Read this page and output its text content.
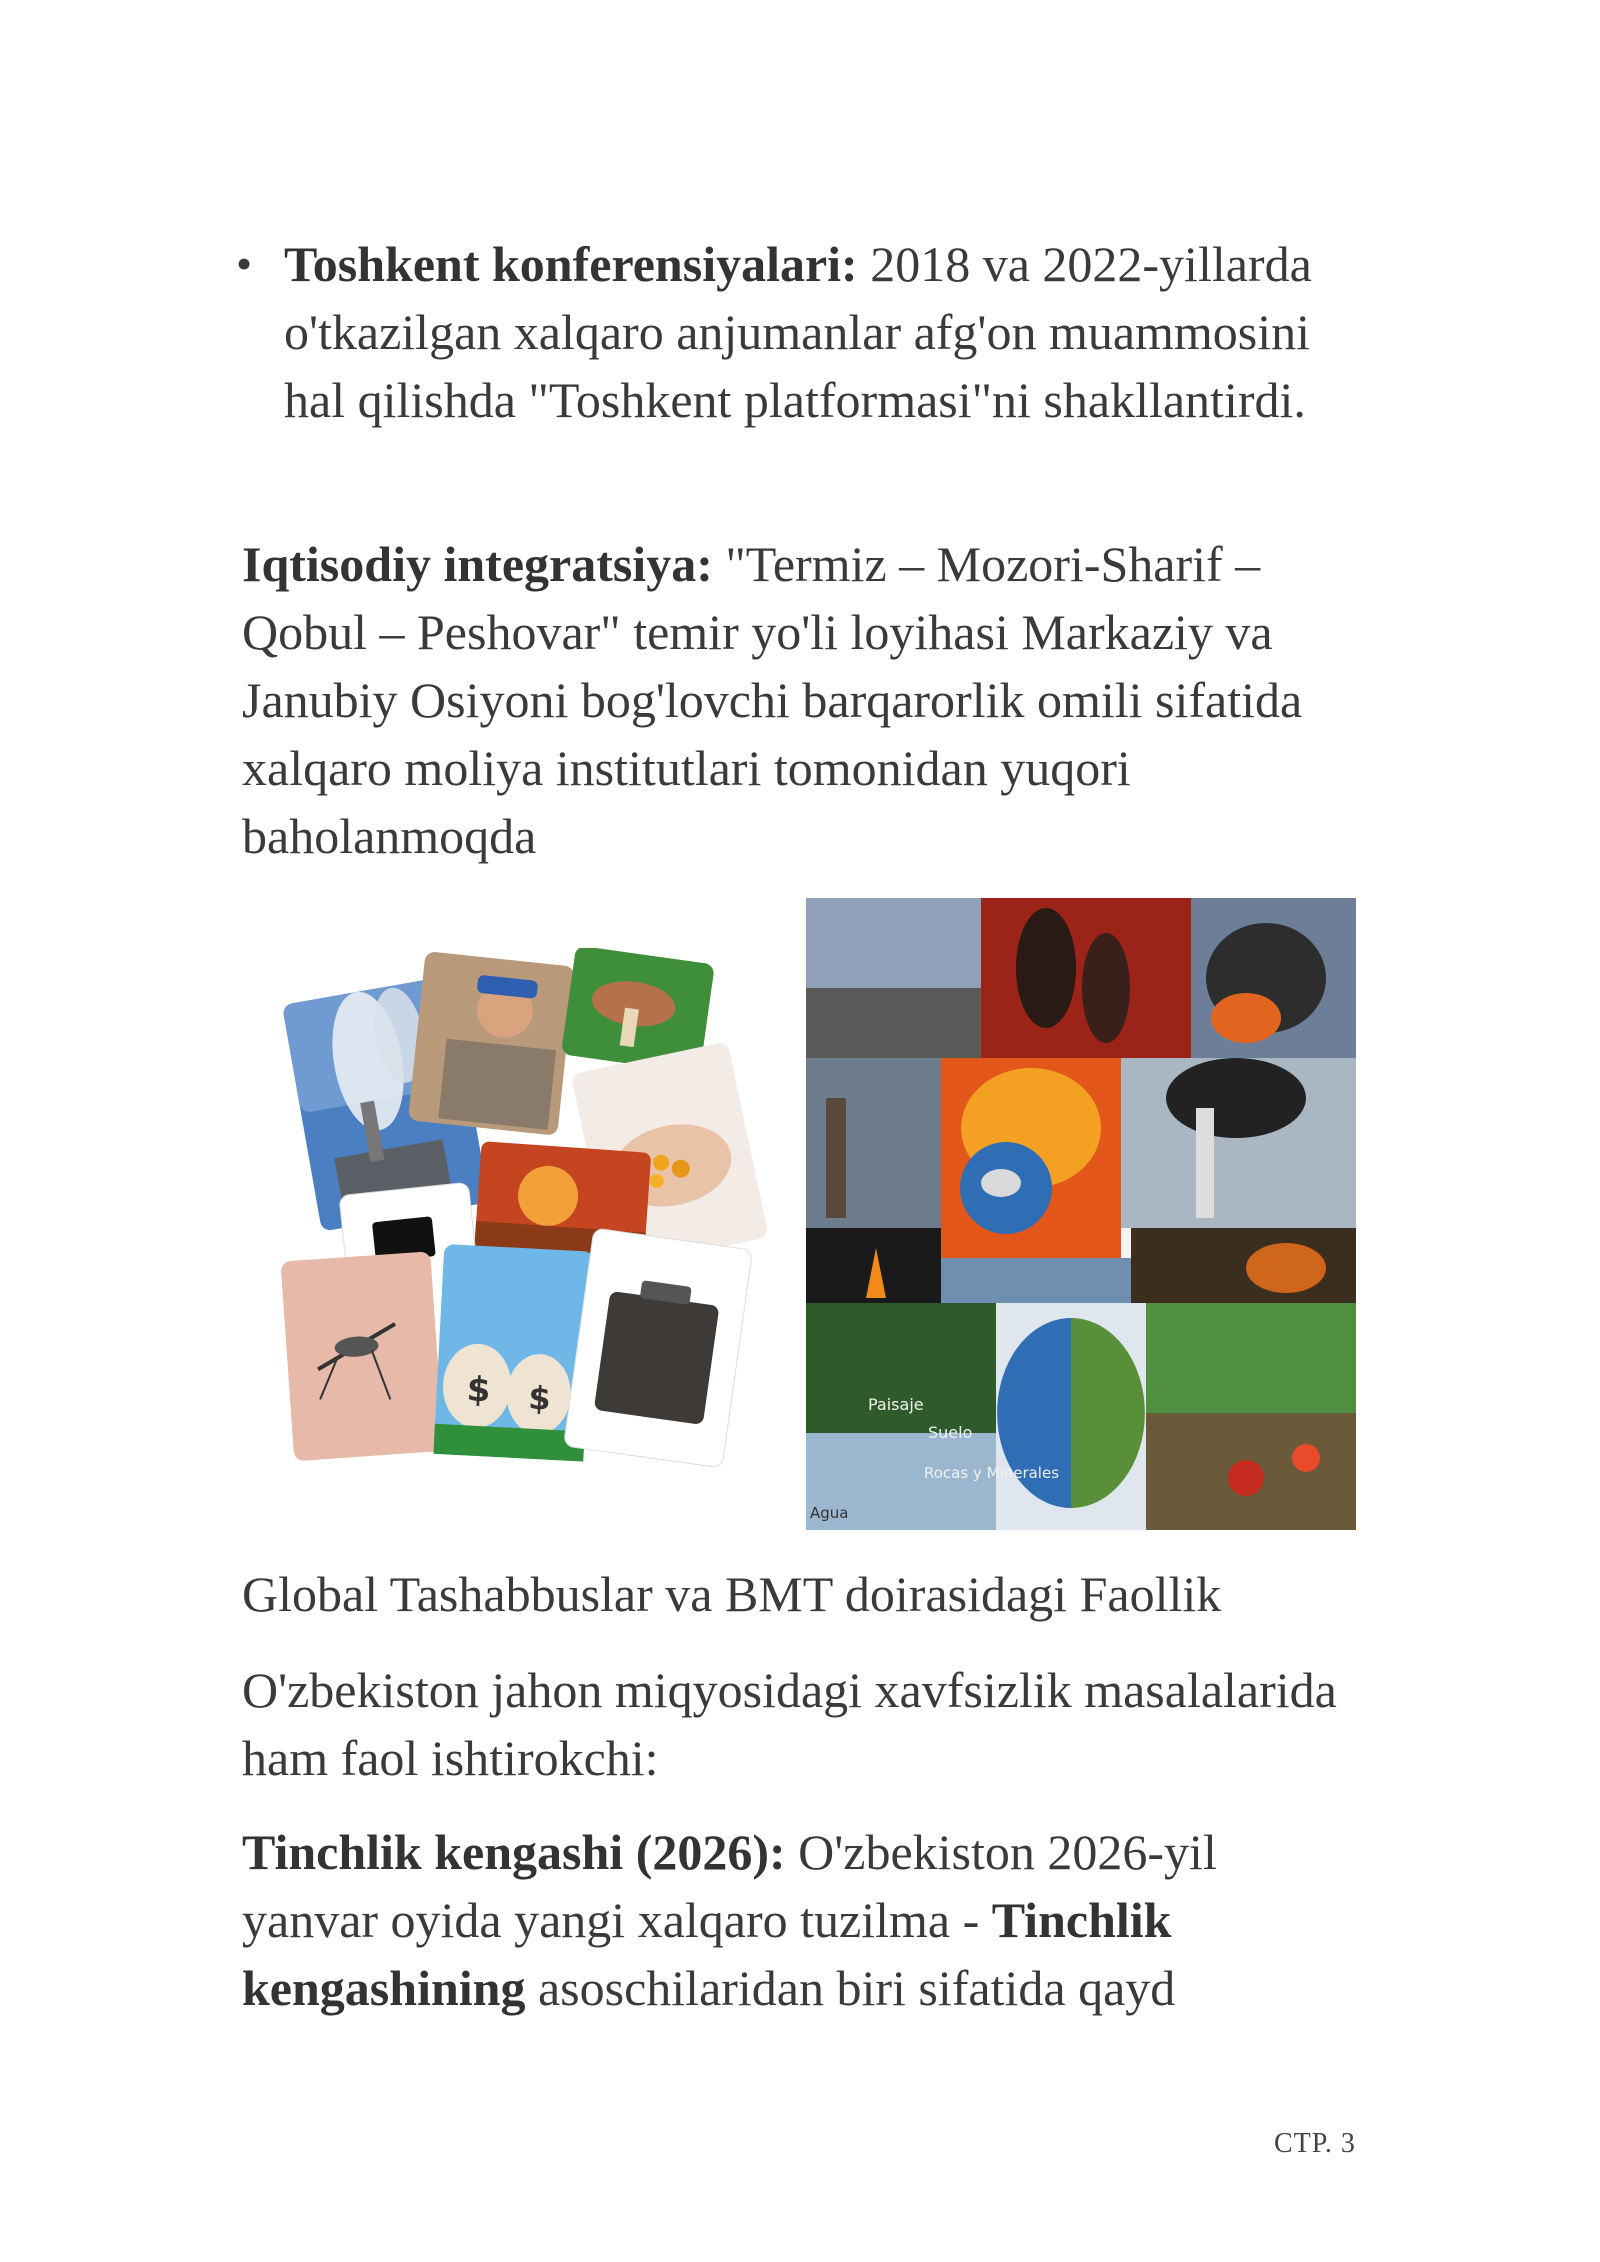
• Toshkent konferensiyalari: 2018 va 2022-yillarda o'tkazilgan xalqaro anjumanlar afg'on muammosini hal qilishda "Toshkent platformasi"ni shakllantirdi.

Iqtisodiy integratsiya: "Termiz – Mozori-Sharif – Qobul – Peshovar" temir yo'li loyihasi Markaziy va Janubiy Osiyoni bog'lovchi barqarorlik omili sifatida xalqaro moliya institutlari tomonidan yuqori baholanmoqda

$ $	Paisaje
Suelo
Rocas y Minerales
Agua

Global Tashabbuslar va BMT doirasidagi Faollik

O'zbekiston jahon miqyosidagi xavfsizlik masalalarida ham faol ishtirokchi:

Tinchlik kengashi (2026): O'zbekiston 2026-yil yanvar oyida yangi xalqaro tuzilma - Tinchlik kengashining asoschilaridan biri sifatida qayd

СТР. 3
